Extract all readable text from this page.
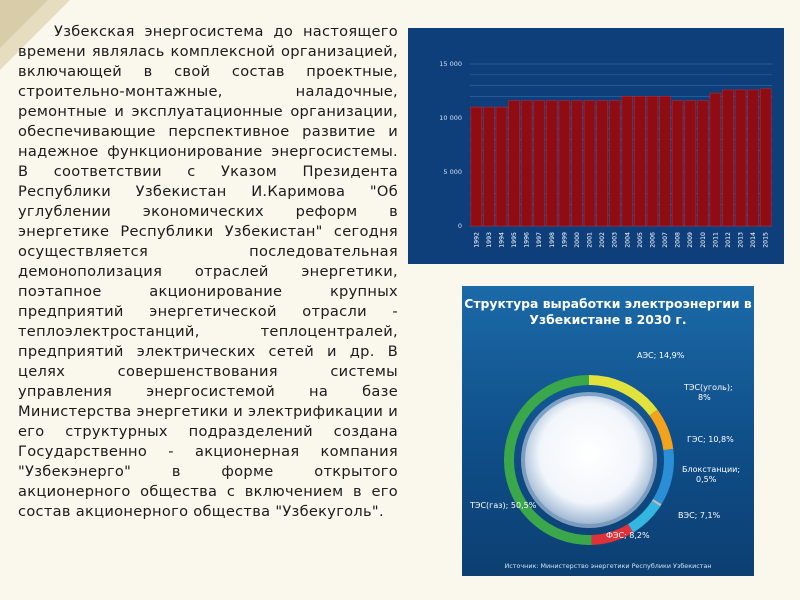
Узбекская энергосистема до настоящего времени являлась комплексной организацией, включающей в свой состав проектные, строительно-монтажные, наладочные, ремонтные и эксплуатационные организации, обеспечивающие перспективное развитие и надежное функционирование энергосистемы. В соответствии с Указом Президента Республики Узбекистан И.Каримова "Об углублении экономических реформ в энергетике Республики Узбекистан" сегодня осуществляется последовательная демонополизация отраслей энергетики, поэтапное акционирование крупных предприятий энергетической отрасли - теплоэлектростанций, теплоцентралей, предприятий электрических сетей и др. В целях совершенствования системы управления энергосистемой на базе Министерства энергетики и электрификации и его структурных подразделений создана Государственно - акционерная компания "Узбекэнерго" в форме открытого акционерного общества с включением в его состав акционерного общества "Узбекуголь".
0
5 000
10 000
15 000
1992 1993 1994 1995 1996 1997 1998 1999 2000 2001 2002 2003 2004 2005 2006 2007 2008 2009 2010 2011 2012 2013 2014 2015
Структура выработки электроэнергии в Узбекистане в 2030 г.
АЭС; 14,9%
ТЭС(уголь); 8%
ГЭС; 10,8%
Блокстанции; 0,5%
ВЭС; 7,1%
ФЭС; 8,2%
ТЭС(газ); 50,5%
Источник: Министерство энергетики Республики Узбекистан
